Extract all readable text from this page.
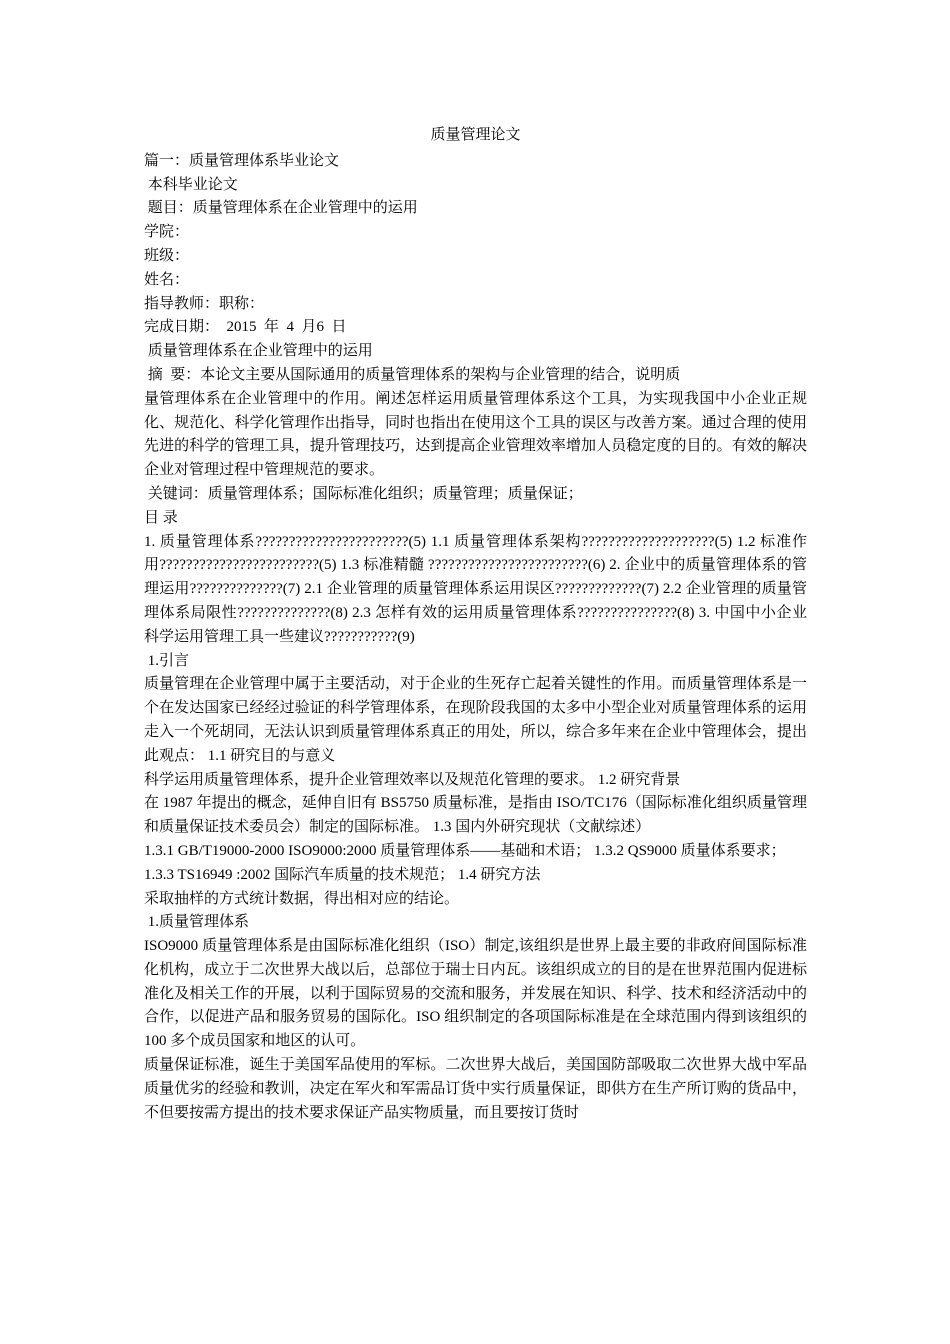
质量管理论文

篇一：质量管理体系毕业论文

本科毕业论文

题目：质量管理体系在企业管理中的运用

学院：

班级：

姓名：

指导教师：职称：

完成日期：  2015  年  4  月6  日

质量管理体系在企业管理中的运用

摘  要：本论文主要从国际通用的质量管理体系的架构与企业管理的结合，说明质

量管理体系在企业管理中的作用。阐述怎样运用质量管理体系这个工具，为实现我国中小企业正规化、规范化、科学化管理作出指导，同时也指出在使用这个工具的误区与改善方案。通过合理的使用先进的科学的管理工具，提升管理技巧，达到提高企业管理效率增加人员稳定度的目的。有效的解决企业对管理过程中管理规范的要求。

关键词：质量管理体系；国际标准化组织；质量管理；质量保证；

目 录

1. 质量管理体系???????????????????????(5) 1.1 质量管理体系架构????????????????????(5) 1.2 标准作用????????????????????????(5) 1.3 标准精髓 ????????????????????????(6) 2. 企业中的质量管理体系的管理运用??????????????(7) 2.1 企业管理的质量管理体系运用误区?????????????(7) 2.2 企业管理的质量管理体系局限性??????????????(8) 2.3 怎样有效的运用质量管理体系???????????????(8) 3. 中国中小企业科学运用管理工具一些建议???????????(9)

1.引言

质量管理在企业管理中属于主要活动，对于企业的生死存亡起着关键性的作用。而质量管理体系是一个在发达国家已经经过验证的科学管理体系，在现阶段我国的太多中小型企业对质量管理体系的运用走入一个死胡同，无法认识到质量管理体系真正的用处，所以，综合多年来在企业中管理体会，提出此观点： 1.1 研究目的与意义

科学运用质量管理体系，提升企业管理效率以及规范化管理的要求。 1.2 研究背景

在 1987 年提出的概念，延伸自旧有 BS5750 质量标准，是指由 ISO/TC176（国际标准化组织质量管理和质量保证技术委员会）制定的国际标准。 1.3 国内外研究现状（文献综述）

1.3.1 GB/T19000-2000 ISO9000:2000 质量管理体系——基础和术语； 1.3.2 QS9000 质量体系要求；

1.3.3 TS16949 :2002 国际汽车质量的技术规范； 1.4 研究方法

采取抽样的方式统计数据，得出相对应的结论。

1.质量管理体系

ISO9000 质量管理体系是由国际标准化组织（ISO）制定,该组织是世界上最主要的非政府间国际标准化机构，成立于二次世界大战以后，总部位于瑞士日内瓦。该组织成立的目的是在世界范围内促进标准化及相关工作的开展，以利于国际贸易的交流和服务，并发展在知识、科学、技术和经济活动中的合作，以促进产品和服务贸易的国际化。ISO 组织制定的各项国际标准是在全球范围内得到该组织的 100 多个成员国家和地区的认可。

质量保证标准，诞生于美国军品使用的军标。二次世界大战后，美国国防部吸取二次世界大战中军品质量优劣的经验和教训，决定在军火和军需品订货中实行质量保证，即供方在生产所订购的货品中，不但要按需方提出的技术要求保证产品实物质量，而且要按订货时
